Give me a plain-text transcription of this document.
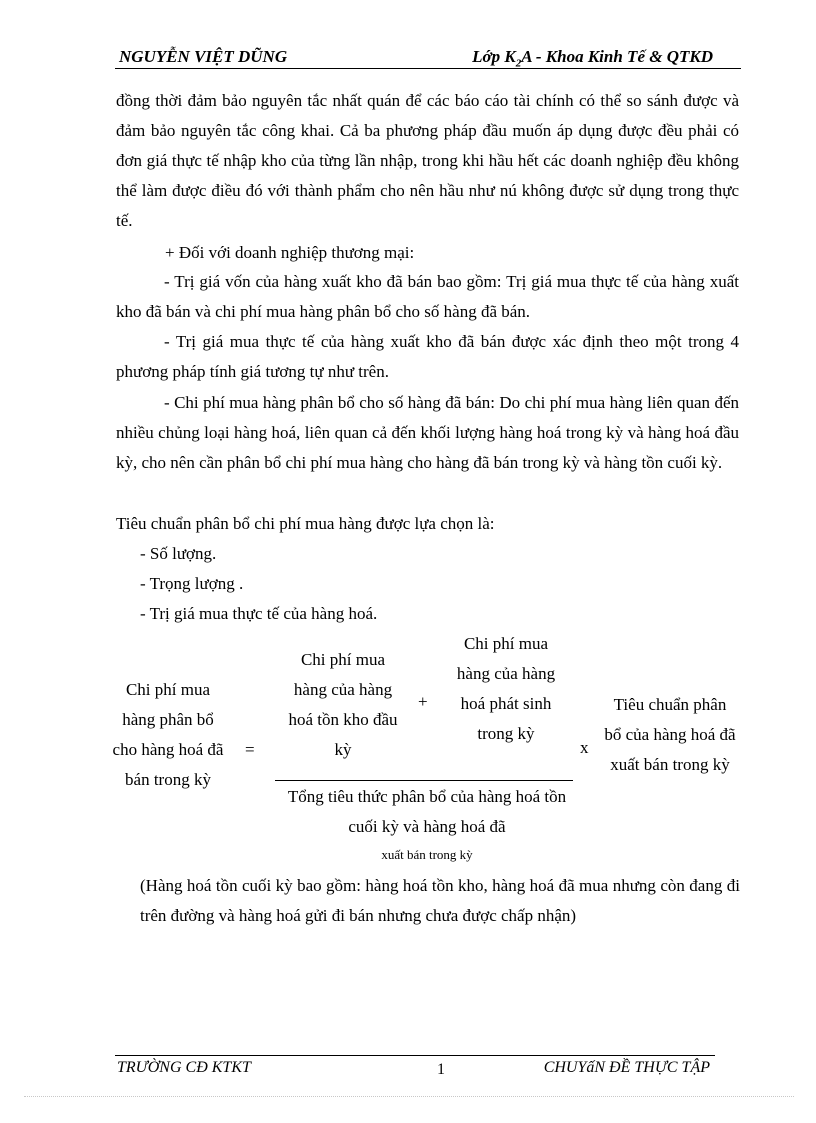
NGUYỄN VIỆT DŨNG	Lớp $K_2A$ - Khoa Kinh Tế & QTKD
đồng thời đảm bảo nguyên tắc nhất quán để các báo cáo tài chính có thể so sánh được và đảm bảo nguyên tắc công khai. Cả ba phương pháp đầu muốn áp dụng được đều phải có đơn giá thực tế nhập kho của từng lần nhập, trong khi hầu hết các doanh nghiệp đều không thể làm được điều đó với thành phẩm cho nên hầu như nú không được sử dụng trong thực tế.
+ Đối với doanh nghiệp thương mại:
- Trị giá vốn của hàng xuất kho đã bán bao gồm: Trị giá mua thực tế của hàng xuất kho đã bán và chi phí mua hàng phân bổ cho số hàng đã bán.
- Trị giá mua thực tế của hàng xuất kho đã bán được xác định theo một trong 4 phương pháp tính giá tương tự như trên.
- Chi phí mua hàng phân bổ cho số hàng đã bán: Do chi phí mua hàng liên quan đến nhiều chủng loại hàng hoá, liên quan cả đến khối lượng hàng hoá trong kỳ và hàng hoá đầu kỳ, cho nên cần phân bổ chi phí mua hàng cho hàng đã bán trong kỳ và hàng tồn cuối kỳ.
Tiêu chuẩn phân bổ chi phí mua hàng được lựa chọn là:
- Số lượng.
- Trọng lượng .
- Trị giá mua thực tế của hàng hoá.
Chi phí mua hàng phân bổ cho hàng hoá đã bán trong kỳ
=
Chi phí mua hàng của hàng hoá tồn kho đầu kỳ
+
Chi phí mua hàng của hàng hoá phát sinh trong kỳ
Tổng tiêu thức phân bổ của hàng hoá tồn cuối kỳ và hàng hoá đã
xuất bán trong kỳ
x
Tiêu chuẩn phân bổ của hàng hoá đã xuất bán trong kỳ
(Hàng hoá tồn cuối kỳ bao gồm: hàng hoá tồn kho, hàng hoá đã mua nhưng còn đang đi trên đường và hàng hoá gửi đi bán nhưng chưa được chấp nhận)
TRƯỜNG CĐ KTKT	1	CHUYấN ĐỀ THỰC TẬP
